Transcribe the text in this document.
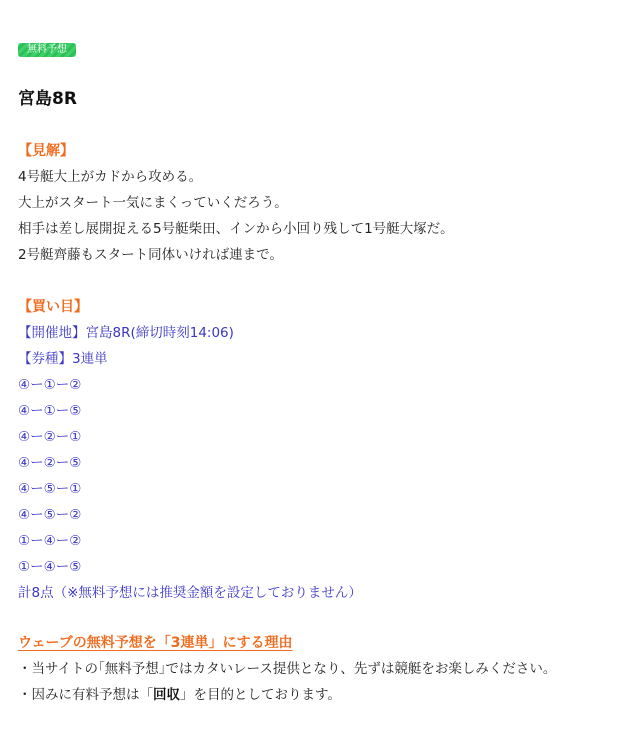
無料予想
宮島8R
【見解】
4号艇大上がカドから攻める。
大上がスタート一気にまくっていくだろう。
相手は差し展開捉える5号艇柴田、インから小回り残して1号艇大塚だ。
2号艇齊藤もスタート同体いければ連まで。
【買い目】
【開催地】宮島8R(締切時刻14:06)
【券種】3連単
④ー①ー②
④ー①ー⑤
④ー②ー①
④ー②ー⑤
④ー⑤ー①
④ー⑤ー②
①ー④ー②
①ー④ー⑤
計8点（※無料予想には推奨金額を設定しておりません）
ウェーブの無料予想を「3連単」にする理由
・当サイトの｢無料予想｣ではカタいレース提供となり、先ずは競艇をお楽しみください。
・因みに有料予想は「回収」を目的としております。
